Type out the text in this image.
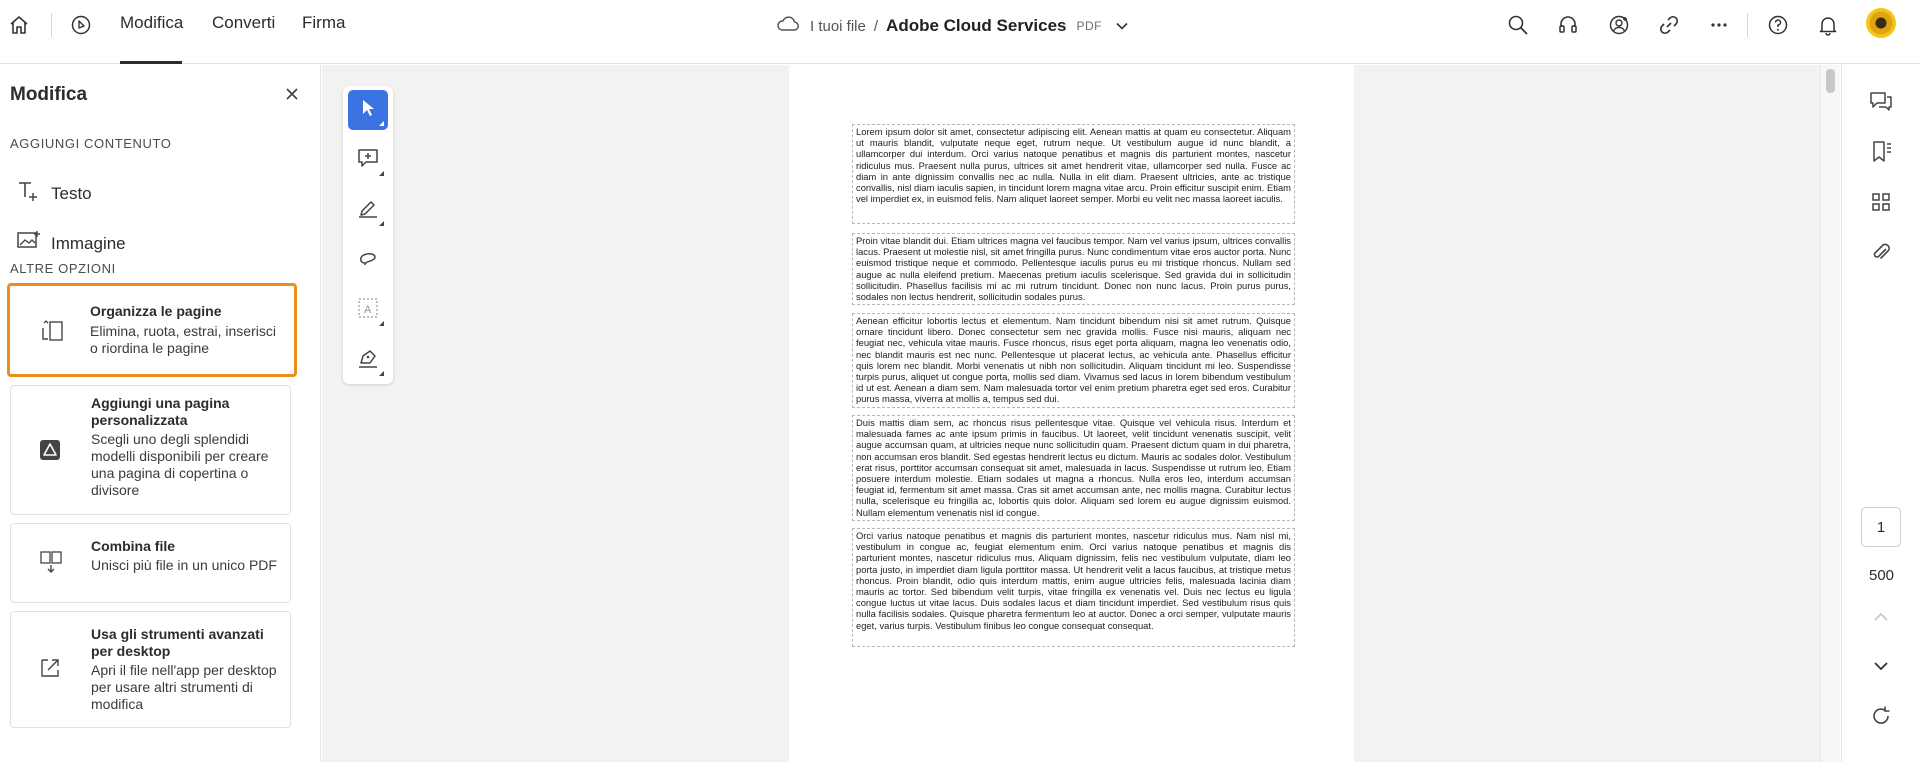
Modifica Converti Firma	I tuoi file / Adobe Cloud Services PDF
Modifica
AGGIUNGI CONTENUTO
Testo
Immagine
ALTRE OPZIONI
Organizza le pagine
Elimina, ruota, estrai, inserisci o riordina le pagine
Aggiungi una pagina personalizzata
Scegli uno degli splendidi modelli disponibili per creare una pagina di copertina o divisore
Combina file
Unisci più file in un unico PDF
Usa gli strumenti avanzati per desktop
Apri il file nell'app per desktop per usare altri strumenti di modifica
A
Lorem ipsum dolor sit amet, consectetur adipiscing elit. Aenean mattis at quam eu consectetur. Aliquam ut mauris blandit, vulputate neque eget, rutrum neque. Ut vestibulum augue id nunc blandit, a ullamcorper dui interdum. Orci varius natoque penatibus et magnis dis parturient montes, nascetur ridiculus mus. Praesent nulla purus, ultrices sit amet hendrerit vitae, ullamcorper sed nulla. Fusce ac diam in ante dignissim convallis nec ac nulla. Nulla in elit diam. Praesent ultricies, ante ac tristique convallis, nisl diam iaculis sapien, in tincidunt lorem magna vitae arcu. Proin efficitur suscipit enim. Etiam vel imperdiet ex, in euismod felis. Nam aliquet laoreet semper. Morbi eu velit nec massa laoreet iaculis.
Proin vitae blandit dui. Etiam ultrices magna vel faucibus tempor. Nam vel varius ipsum, ultrices convallis lacus. Praesent ut molestie nisl, sit amet fringilla purus. Nunc condimentum vitae eros auctor porta. Nunc euismod tristique neque et commodo. Pellentesque iaculis purus eu mi tristique rhoncus. Nullam sed augue ac nulla eleifend pretium. Maecenas pretium iaculis scelerisque. Sed gravida dui in sollicitudin sollicitudin. Phasellus facilisis mi ac mi rutrum tincidunt. Donec non nunc lacus. Proin purus purus, sodales non lectus hendrerit, sollicitudin sodales purus.
Aenean efficitur lobortis lectus et elementum. Nam tincidunt bibendum nisi sit amet rutrum. Quisque ornare tincidunt libero. Donec consectetur sem nec gravida mollis. Fusce nisi mauris, aliquam nec feugiat nec, vehicula vitae mauris. Fusce rhoncus, risus eget porta aliquam, magna leo venenatis odio, nec blandit mauris est nec nunc. Pellentesque ut placerat lectus, ac vehicula ante. Phasellus efficitur quis lorem nec blandit. Morbi venenatis ut nibh non sollicitudin. Aliquam tincidunt mi leo. Suspendisse turpis purus, aliquet ut congue porta, mollis sed diam. Vivamus sed lacus in lorem bibendum vestibulum id ut est. Aenean a diam sem. Nam malesuada tortor vel enim pretium pharetra eget sed eros. Curabitur purus massa, viverra at mollis a, tempus sed dui.
Duis mattis diam sem, ac rhoncus risus pellentesque vitae. Quisque vel vehicula risus. Interdum et malesuada fames ac ante ipsum primis in faucibus. Ut laoreet, velit tincidunt venenatis suscipit, velit augue accumsan quam, at ultricies neque nunc sollicitudin quam. Praesent dictum quam in dui pharetra, non accumsan eros blandit. Sed egestas hendrerit lectus eu dictum. Mauris ac sodales dolor. Vestibulum erat risus, porttitor accumsan consequat sit amet, malesuada in lacus. Suspendisse ut rutrum leo. Etiam posuere interdum molestie. Etiam sodales ut magna a rhoncus. Nulla eros leo, interdum accumsan feugiat id, fermentum sit amet massa. Cras sit amet accumsan ante, nec mollis magna. Curabitur lectus nulla, scelerisque eu fringilla ac, lobortis quis dolor. Aliquam sed lorem eu augue dignissim euismod. Nullam elementum venenatis nisl id congue.
Orci varius natoque penatibus et magnis dis parturient montes, nascetur ridiculus mus. Nam nisl mi, vestibulum in congue ac, feugiat elementum enim. Orci varius natoque penatibus et magnis dis parturient montes, nascetur ridiculus mus. Aliquam dignissim, felis nec vestibulum vulputate, diam leo porta justo, in imperdiet diam ligula porttitor massa. Ut hendrerit velit a lacus faucibus, at tristique metus rhoncus. Proin blandit, odio quis interdum mattis, enim augue ultricies felis, malesuada lacinia diam mauris ac tortor. Sed bibendum velit turpis, vitae fringilla ex venenatis vel. Duis nec lectus eu ligula congue luctus ut vitae lacus. Duis sodales lacus et diam tincidunt imperdiet. Sed vestibulum risus quis nulla facilisis sodales. Quisque pharetra fermentum leo at auctor. Donec a orci semper, vulputate mauris eget, varius turpis. Vestibulum finibus leo congue consequat consequat.
1
500
